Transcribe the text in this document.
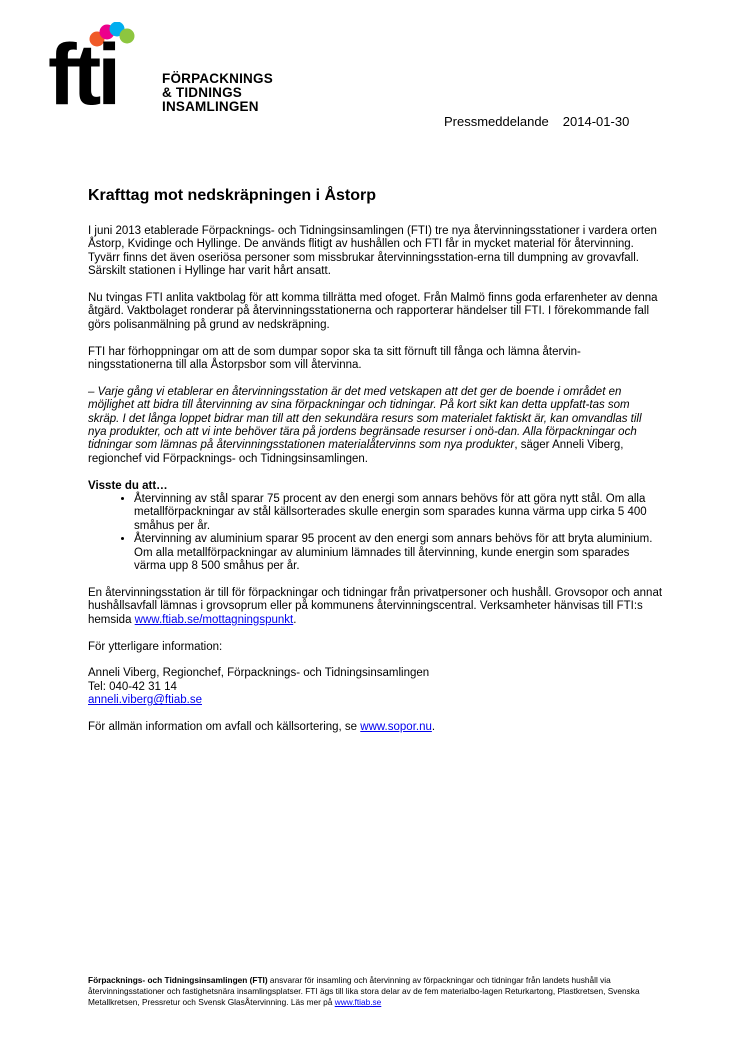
fti	FÖRPACKNINGS
& TIDNINGS
INSAMLINGEN
Pressmeddelande 2014-01-30
Krafttag mot nedskräpningen i Åstorp

I juni 2013 etablerade Förpacknings- och Tidningsinsamlingen (FTI) tre nya återvinningsstationer i vardera orten Åstorp, Kvidinge och Hyllinge. De används flitigt av hushållen och FTI får in mycket material för återvinning. Tyvärr finns det även oseriösa personer som missbrukar återvinningsstation-erna till dumpning av grovavfall. Särskilt stationen i Hyllinge har varit hårt ansatt.

Nu tvingas FTI anlita vaktbolag för att komma tillrätta med ofoget. Från Malmö finns goda erfarenheter av denna åtgärd. Vaktbolaget ronderar på återvinningsstationerna och rapporterar händelser till FTI. I förekommande fall görs polisanmälning på grund av nedskräpning.

FTI har förhoppningar om att de som dumpar sopor ska ta sitt förnuft till fånga och lämna återvin-ningsstationerna till alla Åstorpsbor som vill återvinna.

– Varje gång vi etablerar en återvinningsstation är det med vetskapen att det ger de boende i området en möjlighet att bidra till återvinning av sina förpackningar och tidningar. På kort sikt kan detta uppfatt-tas som skräp. I det långa loppet bidrar man till att den sekundära resurs som materialet faktiskt är, kan omvandlas till nya produkter, och att vi inte behöver tära på jordens begränsade resurser i onö-dan. Alla förpackningar och tidningar som lämnas på återvinningsstationen materialåtervinns som nya produkter, säger Anneli Viberg, regionchef vid Förpacknings- och Tidningsinsamlingen.

Visste du att…

• Återvinning av stål sparar 75 procent av den energi som annars behövs för att göra nytt stål. Om alla metallförpackningar av stål källsorterades skulle energin som sparades kunna värma upp cirka 5 400 småhus per år.
• Återvinning av aluminium sparar 95 procent av den energi som annars behövs för att bryta aluminium. Om alla metallförpackningar av aluminium lämnades till återvinning, kunde energin som sparades värma upp 8 500 småhus per år.

En återvinningsstation är till för förpackningar och tidningar från privatpersoner och hushåll. Grovsopor och annat hushållsavfall lämnas i grovsoprum eller på kommunens återvinningscentral. Verksamheter hänvisas till FTI:s hemsida www.ftiab.se/mottagningspunkt.

För ytterligare information:

Anneli Viberg, Regionchef, Förpacknings- och Tidningsinsamlingen
Tel: 040-42 31 14
anneli.viberg@ftiab.se

För allmän information om avfall och källsortering, se www.sopor.nu.

Förpacknings- och Tidningsinsamlingen (FTI) ansvarar för insamling och återvinning av förpackningar och tidningar från landets hushåll via återvinningsstationer och fastighetsnära insamlingsplatser. FTI ägs till lika stora delar av de fem materialbo-lagen Returkartong, Plastkretsen, Svenska Metallkretsen, Pressretur och Svensk GlasÅtervinning. Läs mer på www.ftiab.se
